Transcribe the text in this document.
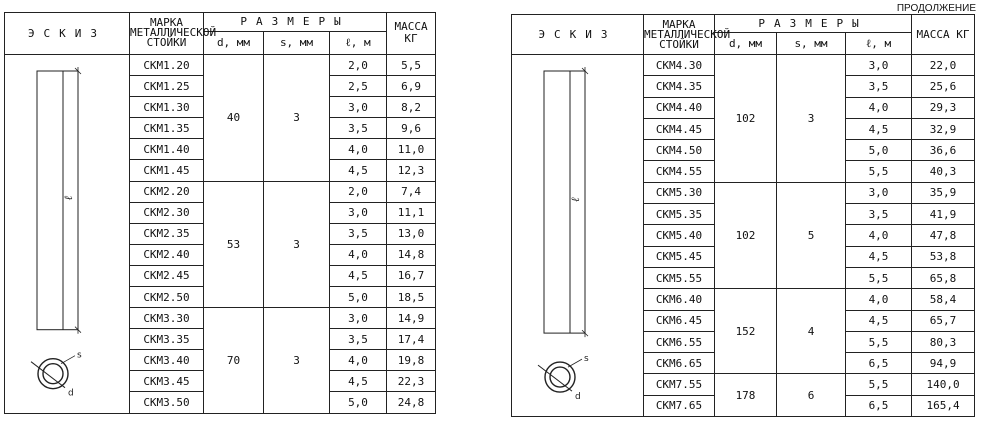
ПРОДОЛЖЕНИЕ
ЭСКИЗ	МАРКА МЕТАЛЛИЧЕСКОЙ СТОЙКИ	РАЗМЕРЫ			МАССА КГ
		d, мм	s, мм	ℓ, м	

ℓ
s
d	СКМ1.20	40	3	2,0	5,5
	СКМ1.25			2,5	6,9
	СКМ1.30			3,0	8,2
	СКМ1.35			3,5	9,6
	СКМ1.40			4,0	11,0
	СКМ1.45			4,5	12,3
	СКМ2.20	53	3	2,0	7,4
	СКМ2.30			3,0	11,1
	СКМ2.35			3,5	13,0
	СКМ2.40			4,0	14,8
	СКМ2.45			4,5	16,7
	СКМ2.50			5,0	18,5
	СКМ3.30	70	3	3,0	14,9
	СКМ3.35			3,5	17,4
	СКМ3.40			4,0	19,8
	СКМ3.45			4,5	22,3
	СКМ3.50			5,0	24,8
ЭСКИЗ	МАРКА МЕТАЛЛИЧЕСКОЙ СТОЙКИ	РАЗМЕРЫ			МАССА КГ
		d, мм	s, мм	ℓ, м	

ℓ
s
d	СКМ4.30	102	3	3,0	22,0
	СКМ4.35			3,5	25,6
	СКМ4.40			4,0	29,3
	СКМ4.45			4,5	32,9
	СКМ4.50			5,0	36,6
	СКМ4.55			5,5	40,3
	СКМ5.30	102	5	3,0	35,9
	СКМ5.35			3,5	41,9
	СКМ5.40			4,0	47,8
	СКМ5.45			4,5	53,8
	СКМ5.55			5,5	65,8
	СКМ6.40	152	4	4,0	58,4
	СКМ6.45			4,5	65,7
	СКМ6.55			5,5	80,3
	СКМ6.65			6,5	94,9
	СКМ7.55	178	6	5,5	140,0
	СКМ7.65			6,5	165,4
